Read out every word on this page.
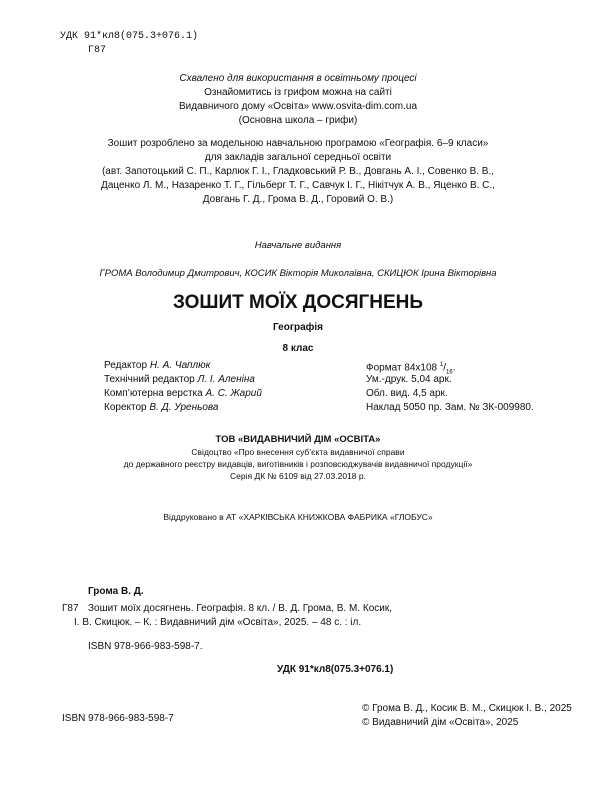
УДК 91*кл8(075.3+076.1)
Г87
Схвалено для використання в освітньому процесі
Ознайомитись із грифом можна на сайті
Видавничого дому «Освіта» www.osvita-dim.com.ua
(Основна школа – грифи)
Зошит розроблено за модельною навчальною програмою «Географія. 6–9 класи»
для закладів загальної середньої освіти
(авт. Запотоцький С. П., Карлюк Г. І., Гладковський Р. В., Довгань А. І., Совенко В. В.,
Даценко Л. М., Назаренко Т. Г., Гільберг Т. Г., Савчук І. Г., Нікітчук А. В., Яценко В. С.,
Довгань Г. Д., Грома В. Д., Горовий О. В.)
Навчальне видання
ГРОМА Володимир Дмитрович, КОСИК Вікторія Миколаївна, СКИЦЮК Ірина Вікторівна
ЗОШИТ МОЇХ ДОСЯГНЕНЬ
Географія
8 клас
Редактор Н. А. Чаплюк
Технічний редактор Л. І. Аленіна
Комп’ютерна верстка А. С. Жарий
Коректор В. Д. Уреньова
Формат 84х108 $^1/_{16}$.
Ум.-друк. 5,04 арк.
Обл. вид. 4,5 арк.
Наклад 5050 пр. Зам. № ЗК-009980.
ТОВ «ВИДАВНИЧИЙ ДІМ «ОСВІТА»
Свідоцтво «Про внесення суб’єкта видавничої справи
до державного реєстру видавців, виготівників і розповсюджувачів видавничої продукції»
Серія ДК № 6109 від 27.03.2018 р.
Віддруковано в АТ «ХАРКІВСЬКА КНИЖКОВА ФАБРИКА «ГЛОБУС»
Грома В. Д.
Г87 Зошит моїх досягнень. Географія. 8 кл. / В. Д. Грома, В. М. Косик,
І. В. Скицюк. – К. : Видавничий дім «Освіта», 2025. – 48 с. : іл.
ISBN 978-966-983-598-7.
УДК 91*кл8(075.3+076.1)
ISBN 978-966-983-598-7
© Грома В. Д., Косик В. М., Скицюк І. В., 2025
© Видавничий дім «Освіта», 2025
